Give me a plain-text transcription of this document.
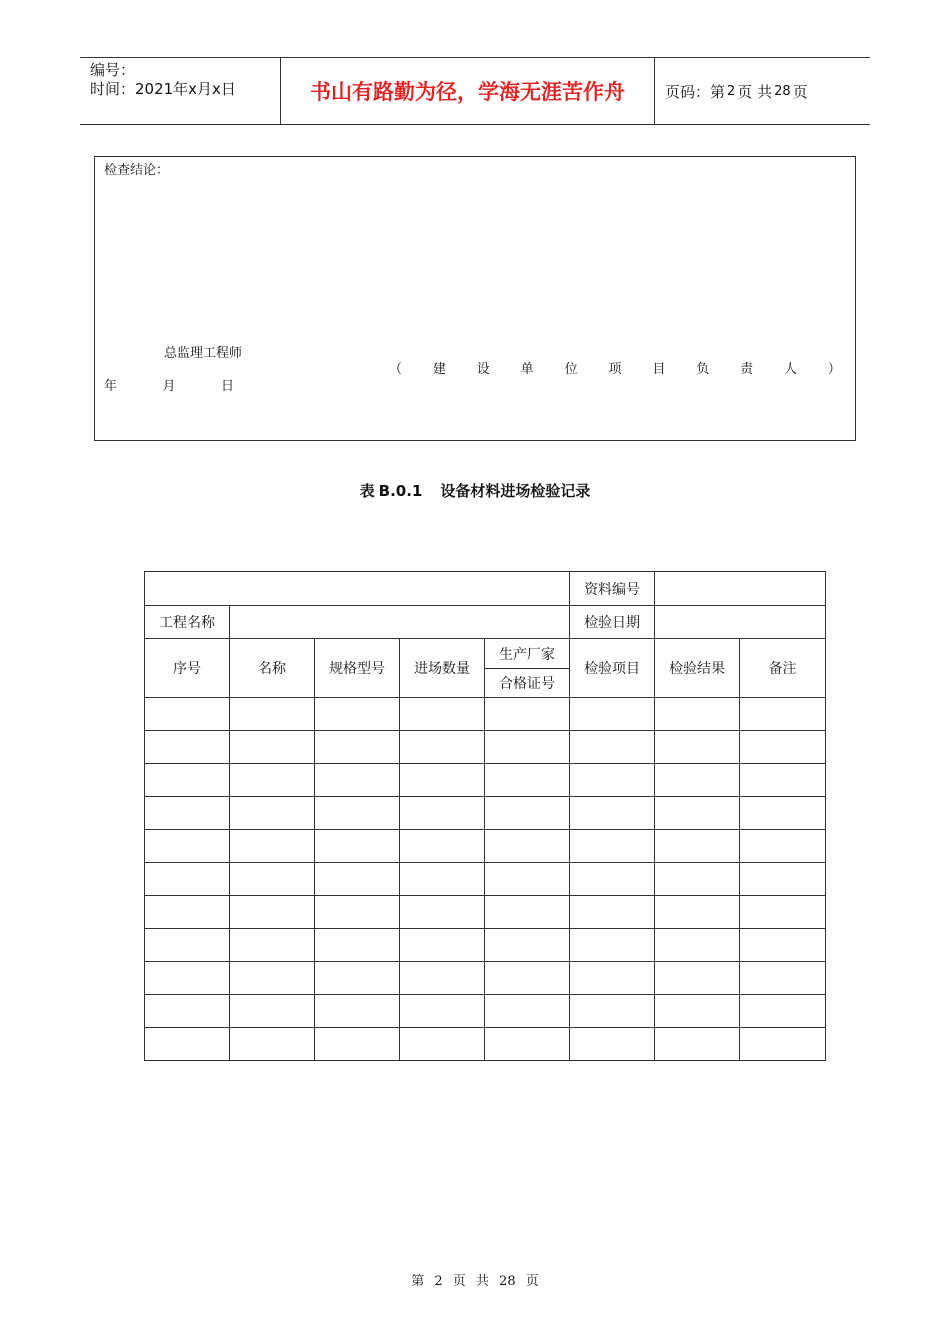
编号：
时间：2021年x月x日	书山有路勤为径，学海无涯苦作舟	页码：第 2 页 共 28 页
检查结论：
总监理工程师
年	月	日
（ 建 设 单 位 项 目 负 责 人 ）
表 B.0.1 设备材料进场检验记录
					资料编号		
工程名称					检验日期		
序号	名称	规格型号	进场数量	生产厂家	检验项目	检验结果	备注
				合格证号			

第 2 页 共 28 页
